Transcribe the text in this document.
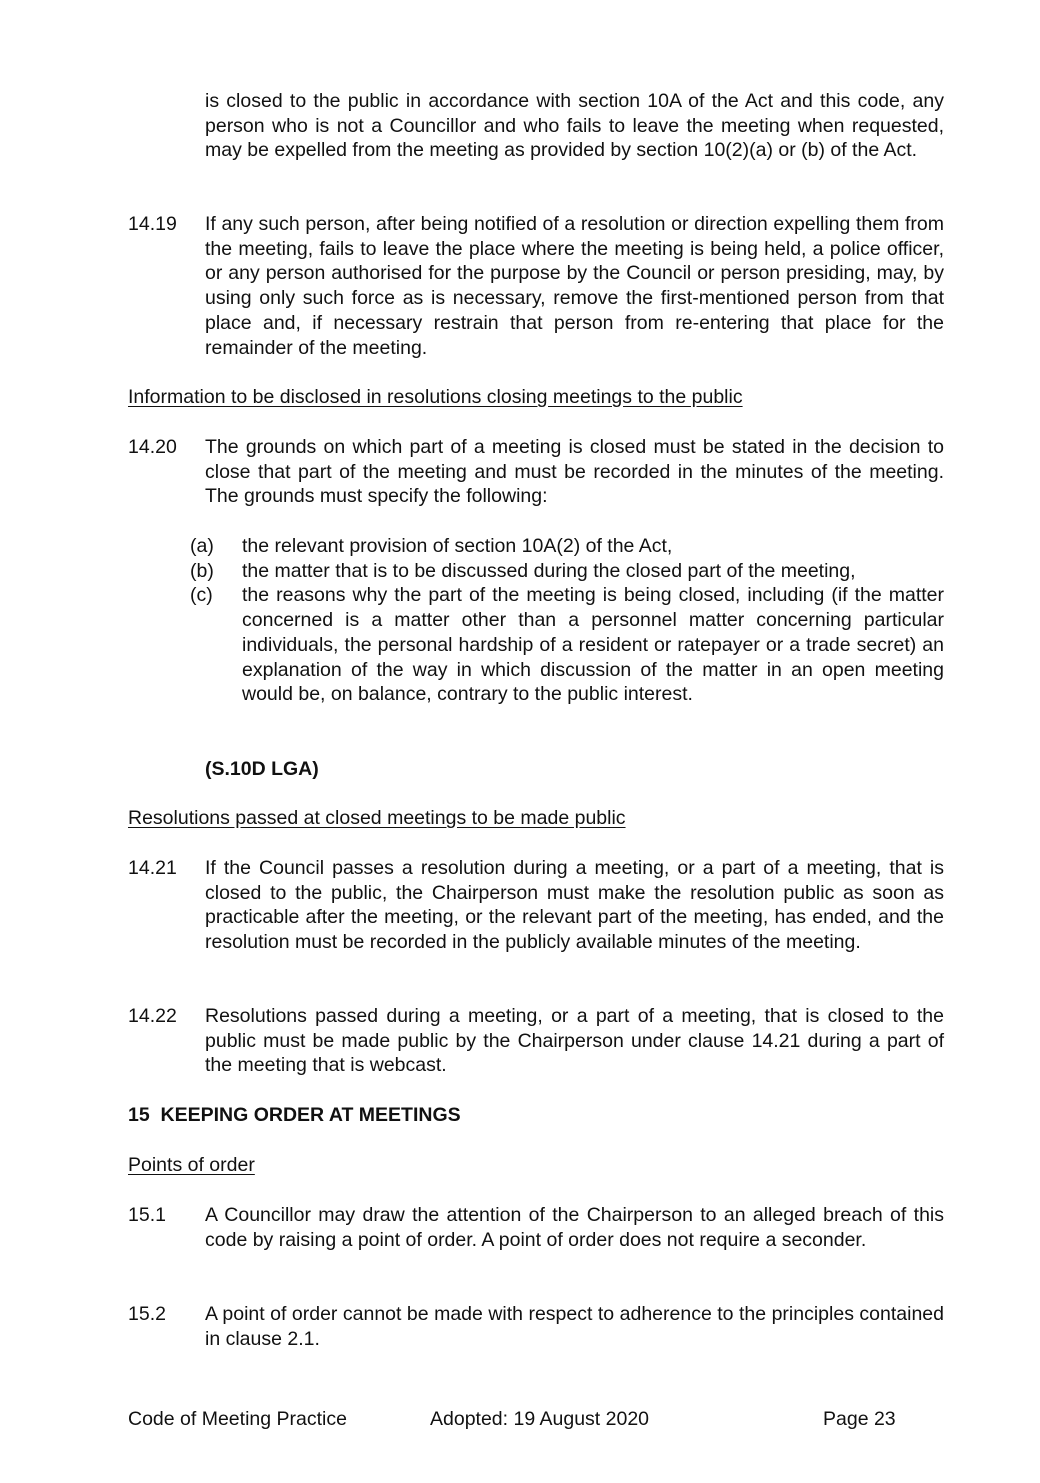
is closed to the public in accordance with section 10A of the Act and this code, any person who is not a Councillor and who fails to leave the meeting when requested, may be expelled from the meeting as provided by section 10(2)(a) or (b) of the Act.
14.19	If any such person, after being notified of a resolution or direction expelling them from the meeting, fails to leave the place where the meeting is being held, a police officer, or any person authorised for the purpose by the Council or person presiding, may, by using only such force as is necessary, remove the first-mentioned person from that place and, if necessary restrain that person from re-entering that place for the remainder of the meeting.
Information to be disclosed in resolutions closing meetings to the public
14.20	The grounds on which part of a meeting is closed must be stated in the decision to close that part of the meeting and must be recorded in the minutes of the meeting. The grounds must specify the following:
(a)	the relevant provision of section 10A(2) of the Act,
(b)	the matter that is to be discussed during the closed part of the meeting,
(c)	the reasons why the part of the meeting is being closed, including (if the matter concerned is a matter other than a personnel matter concerning particular individuals, the personal hardship of a resident or ratepayer or a trade secret) an explanation of the way in which discussion of the matter in an open meeting would be, on balance, contrary to the public interest.
(S.10D LGA)
Resolutions passed at closed meetings to be made public
14.21	If the Council passes a resolution during a meeting, or a part of a meeting, that is closed to the public, the Chairperson must make the resolution public as soon as practicable after the meeting, or the relevant part of the meeting, has ended, and the resolution must be recorded in the publicly available minutes of the meeting.
14.22	Resolutions passed during a meeting, or a part of a meeting, that is closed to the public must be made public by the Chairperson under clause 14.21 during a part of the meeting that is webcast.
15  KEEPING ORDER AT MEETINGS
Points of order
15.1	A Councillor may draw the attention of the Chairperson to an alleged breach of this code by raising a point of order. A point of order does not require a seconder.
15.2	A point of order cannot be made with respect to adherence to the principles contained in clause 2.1.
Code of Meeting Practice	Adopted: 19 August 2020	Page 23
